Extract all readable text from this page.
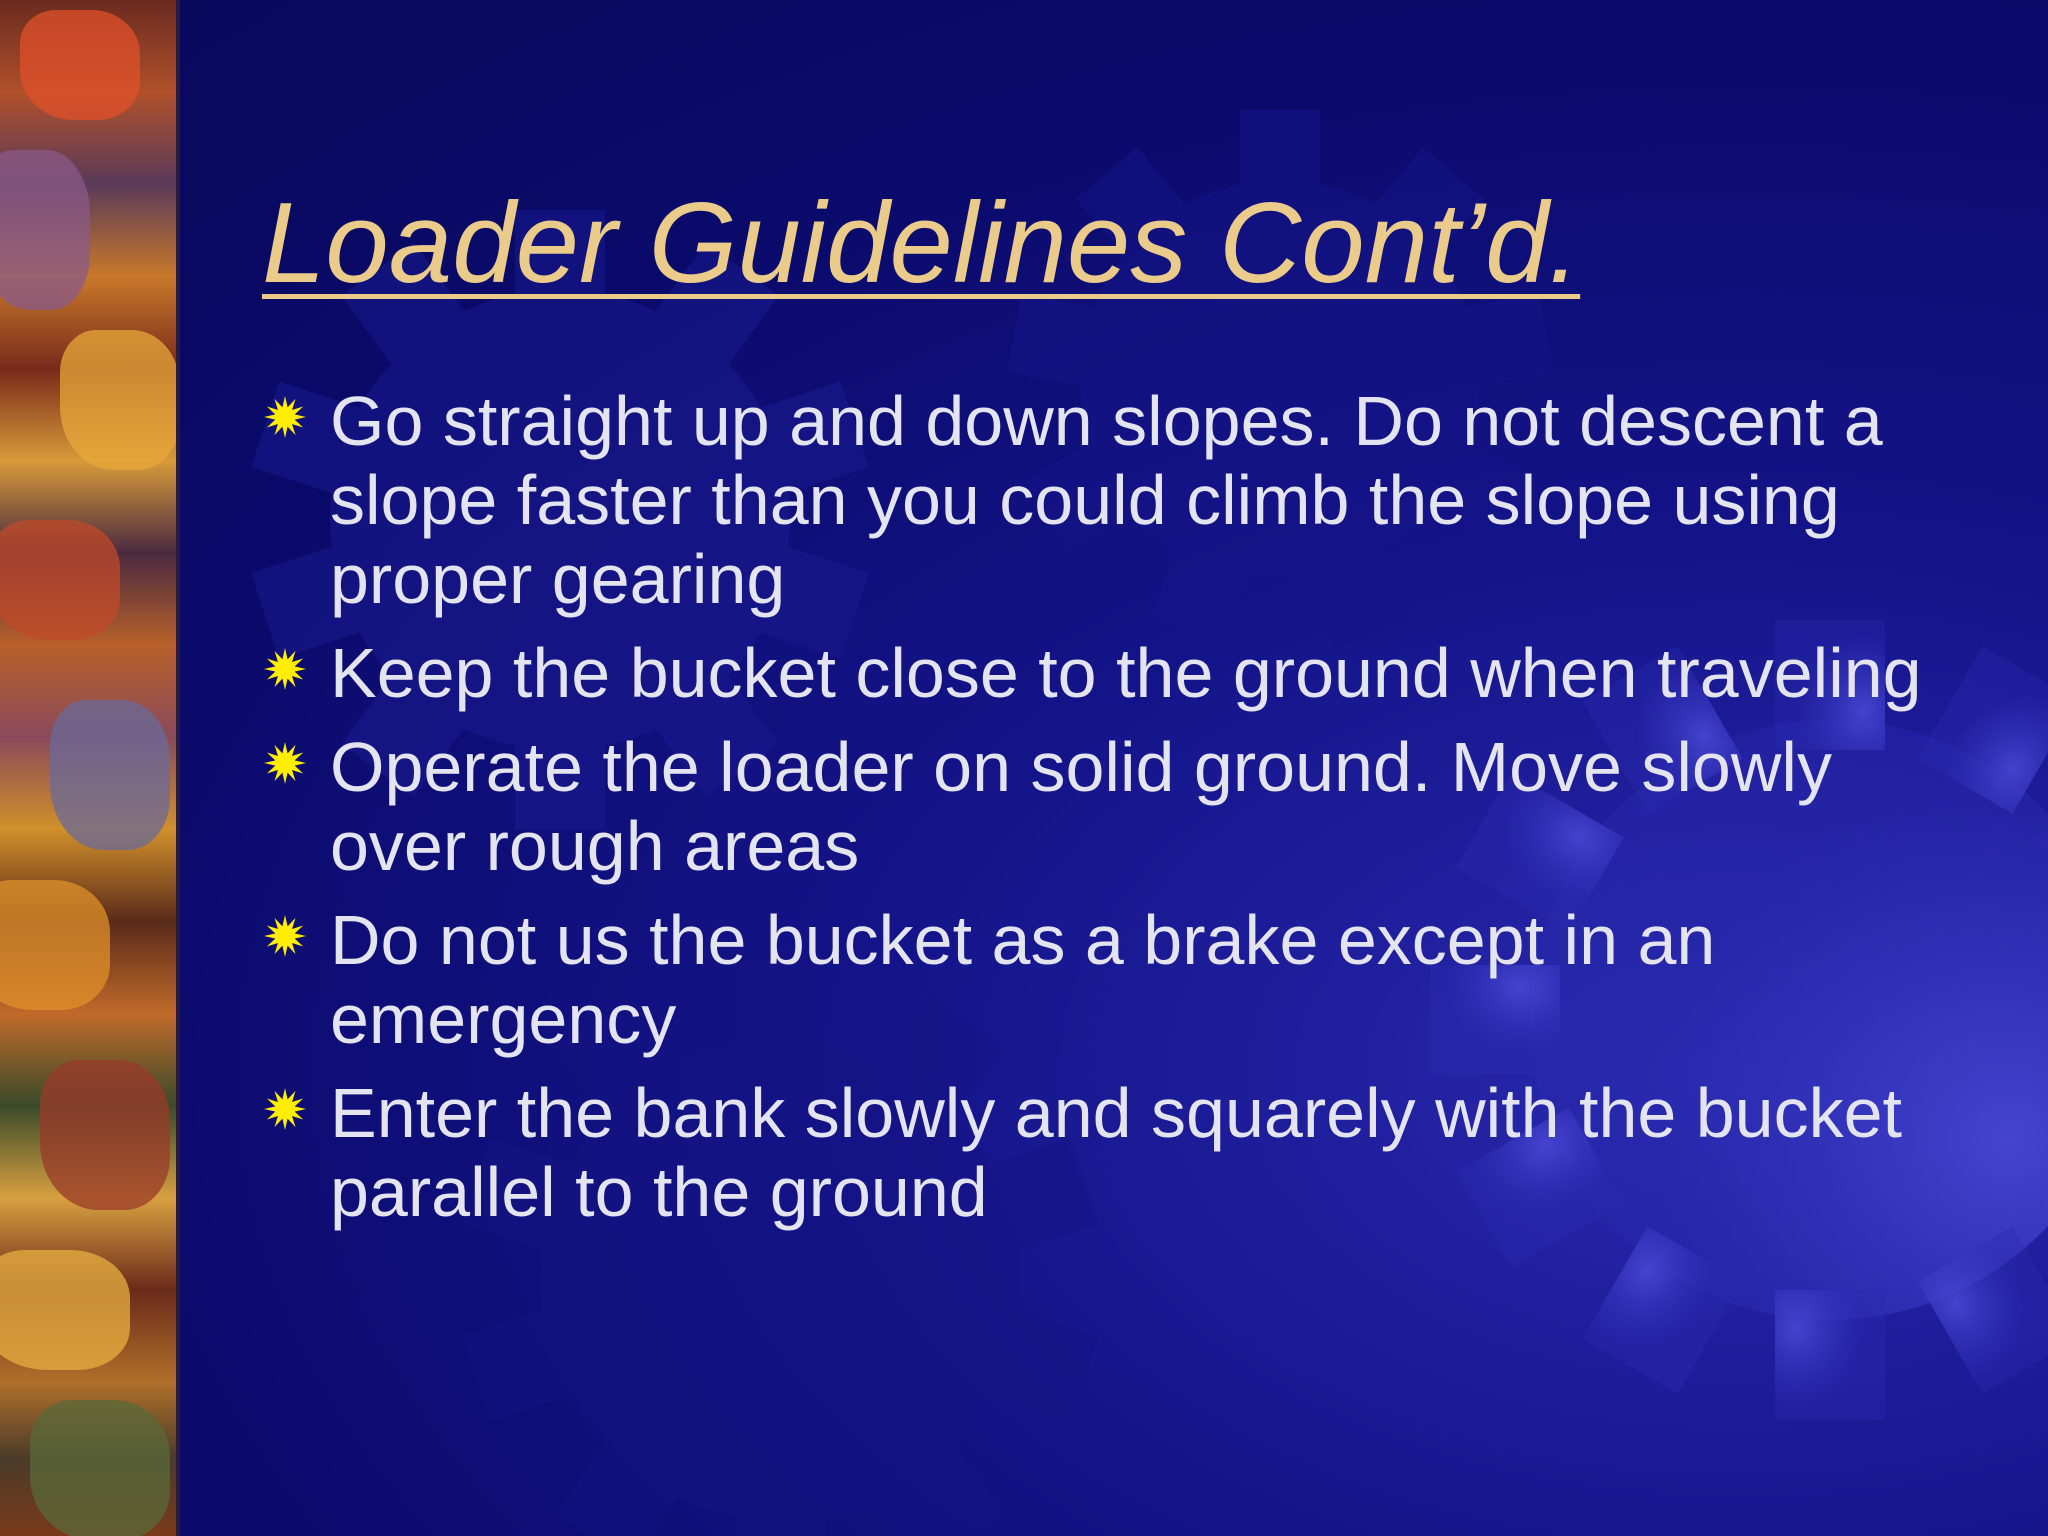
Loader Guidelines Cont’d.
Go straight up and down slopes. Do not descent a slope faster than you could climb the slope using proper gearing
Keep the bucket close to the ground when traveling
Operate the loader on solid ground. Move slowly over rough areas
Do not us the bucket as a brake except in an emergency
Enter the bank slowly and squarely with the bucket parallel to the ground
